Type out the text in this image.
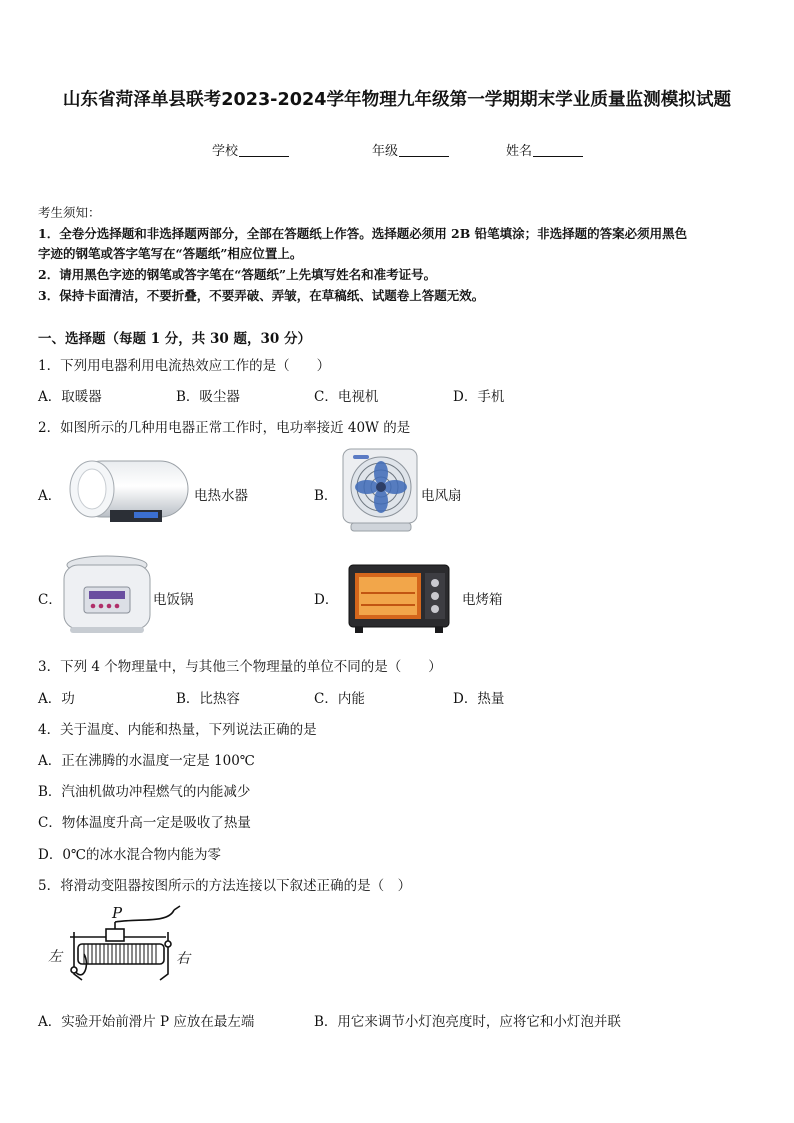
山东省菏泽单县联考2023-2024学年物理九年级第一学期期末学业质量监测模拟试题
学校	年级	姓名
考生须知：
1．全卷分选择题和非选择题两部分，全部在答题纸上作答。选择题必须用 2B 铅笔填涂；非选择题的答案必须用黑色
字迹的钢笔或答字笔写在“答题纸”相应位置上。
2．请用黑色字迹的钢笔或答字笔在“答题纸”上先填写姓名和准考证号。
3．保持卡面清洁，不要折叠，不要弄破、弄皱，在草稿纸、试题卷上答题无效。
一、选择题（每题 1 分，共 30 题，30 分）
1．下列用电器利用电流热效应工作的是（　　）
A．取暖器	B．吸尘器	C．电视机	D．手机
2．如图所示的几种用电器正常工作时，电功率接近 40W 的是
A．	电热水器	B．	电风扇
C．	电饭锅	D．	电烤箱
3．下列 4 个物理量中，与其他三个物理量的单位不同的是（　　）
A．功	B．比热容	C．内能	D．热量
4．关于温度、内能和热量，下列说法正确的是
A．正在沸腾的水温度一定是 100℃
B．汽油机做功冲程燃气的内能减少
C．物体温度升高一定是吸收了热量
D．0℃的冰水混合物内能为零
5．将滑动变阻器按图所示的方法连接以下叙述正确的是（　）
P
左	右
A．实验开始前滑片 P 应放在最左端	B．用它来调节小灯泡亮度时，应将它和小灯泡并联
